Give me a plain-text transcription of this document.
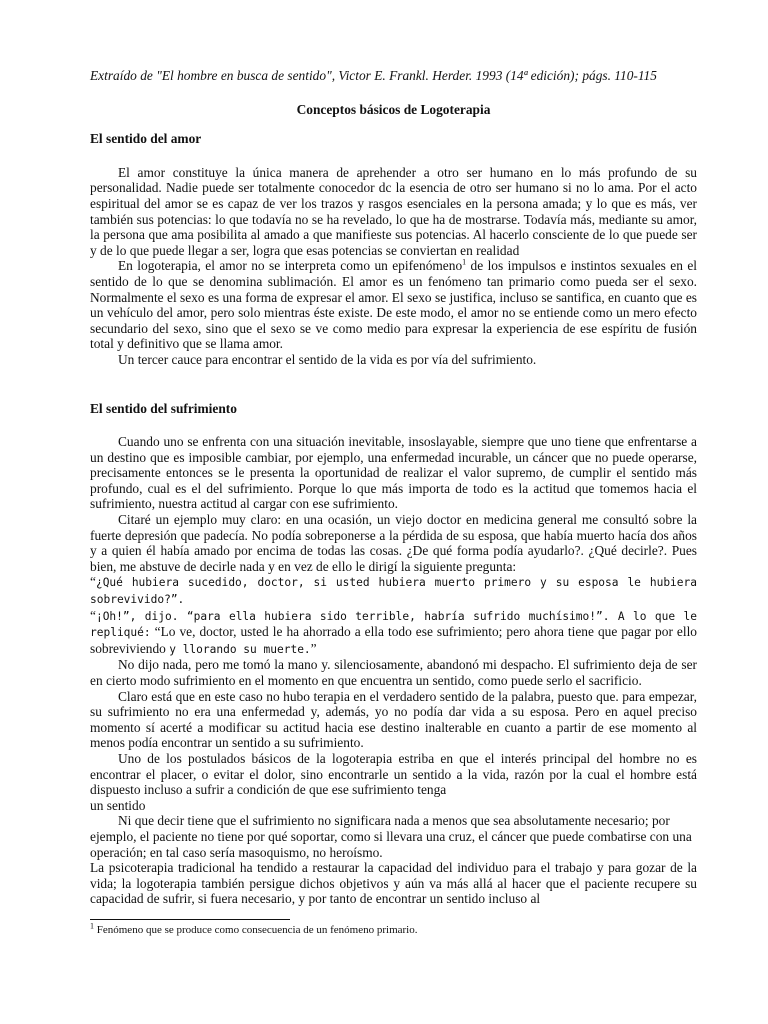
Extraído de "El hombre en busca de sentido", Victor E. Frankl. Herder. 1993 (14ª edición); págs. 110-115

Conceptos básicos de Logoterapia
El sentido del amor

El amor constituye la única manera de aprehender a otro ser humano en lo más profundo de su personalidad. Nadie puede ser totalmente conocedor dc la esencia de otro ser humano si no lo ama. Por el acto espiritual del amor se es capaz de ver los trazos y rasgos esenciales en la persona amada; y lo que es más, ver también sus potencias: lo que todavía no se ha revelado, lo que ha de mostrarse. Todavía más, mediante su amor, la persona que ama posibilita al amado a que manifieste sus potencias. Al hacerlo consciente de lo que puede ser y de lo que puede llegar a ser, logra que esas potencias se conviertan en realidad

En logoterapia, el amor no se interpreta como un epifenómeno$^1$ de los impulsos e instintos sexuales en el sentido de lo que se denomina sublimación. El amor es un fenómeno tan primario como pueda ser el sexo. Normalmente el sexo es una forma de expresar el amor. El sexo se justifica, incluso se santifica, en cuanto que es un vehículo del amor, pero solo mientras éste existe. De este modo, el amor no se entiende como un mero efecto secundario del sexo, sino que el sexo se ve como medio para expresar la experiencia de ese espíritu de fusión total y definitivo que se llama amor.

Un tercer cauce para encontrar el sentido de la vida es por vía del sufrimiento.

El sentido del sufrimiento

Cuando uno se enfrenta con una situación inevitable, insoslayable, siempre que uno tiene que enfrentarse a un destino que es imposible cambiar, por ejemplo, una enfermedad incurable, un cáncer que no puede operarse, precisamente entonces se le presenta la oportunidad de realizar el valor supremo, de cumplir el sentido más profundo, cual es el del sufrimiento. Porque lo que más importa de todo es la actitud que tomemos hacia el sufrimiento, nuestra actitud al cargar con ese sufrimiento.

Citaré un ejemplo muy claro: en una ocasión, un viejo doctor en medicina general me consultó sobre la fuerte depresión que padecía. No podía sobreponerse a la pérdida de su esposa, que había muerto hacía dos años y a quien él había amado por encima de todas las cosas. ¿De qué forma podía ayudarlo?. ¿Qué decirle?. Pues bien, me abstuve de decirle nada y en vez de ello le dirigí la siguiente pregunta:

“¿Qué hubiera sucedido, doctor, si usted hubiera muerto primero y su esposa le hubiera sobrevivido?”.

“¡Oh!”, dijo. “para ella hubiera sido terrible, habría sufrido muchísimo!”. A lo que le repliqué: “Lo ve, doctor, usted le ha ahorrado a ella todo ese sufrimiento; pero ahora tiene que pagar por ello sobreviviendo y llorando su muerte.”

No dijo nada, pero me tomó la mano y. silenciosamente, abandonó mi despacho. El sufrimiento deja de ser en cierto modo sufrimiento en el momento en que encuentra un sentido, como puede serlo el sacrificio.

Claro está que en este caso no hubo terapia en el verdadero sentido de la palabra, puesto que. para empezar, su sufrimiento no era una enfermedad y, además, yo no podía dar vida a su esposa. Pero en aquel preciso momento sí acerté a modificar su actitud hacia ese destino inalterable en cuanto a partir de ese momento al menos podía encontrar un sentido a su sufrimiento.

Uno de los postulados básicos de la logoterapia estriba en que el interés principal del hombre no es encontrar el placer, o evitar el dolor, sino encontrarle un sentido a la vida, razón por la cual el hombre está dispuesto incluso a sufrir a condición de que ese sufrimiento tenga

un sentido

Ni que decir tiene que el sufrimiento no significara nada a menos que sea absolutamente necesario; por ejemplo, el paciente no tiene por qué soportar, como si llevara una cruz, el cáncer que puede combatirse con una operación; en tal caso sería masoquismo, no heroísmo.

La psicoterapia tradicional ha tendido a restaurar la capacidad del individuo para el trabajo y para gozar de la vida; la logoterapia también persigue dichos objetivos y aún va más allá al hacer que el paciente recupere su capacidad de sufrir, si fuera necesario, y por tanto de encontrar un sentido incluso al

$^1$ Fenómeno que se produce como consecuencia de un fenómeno primario.
